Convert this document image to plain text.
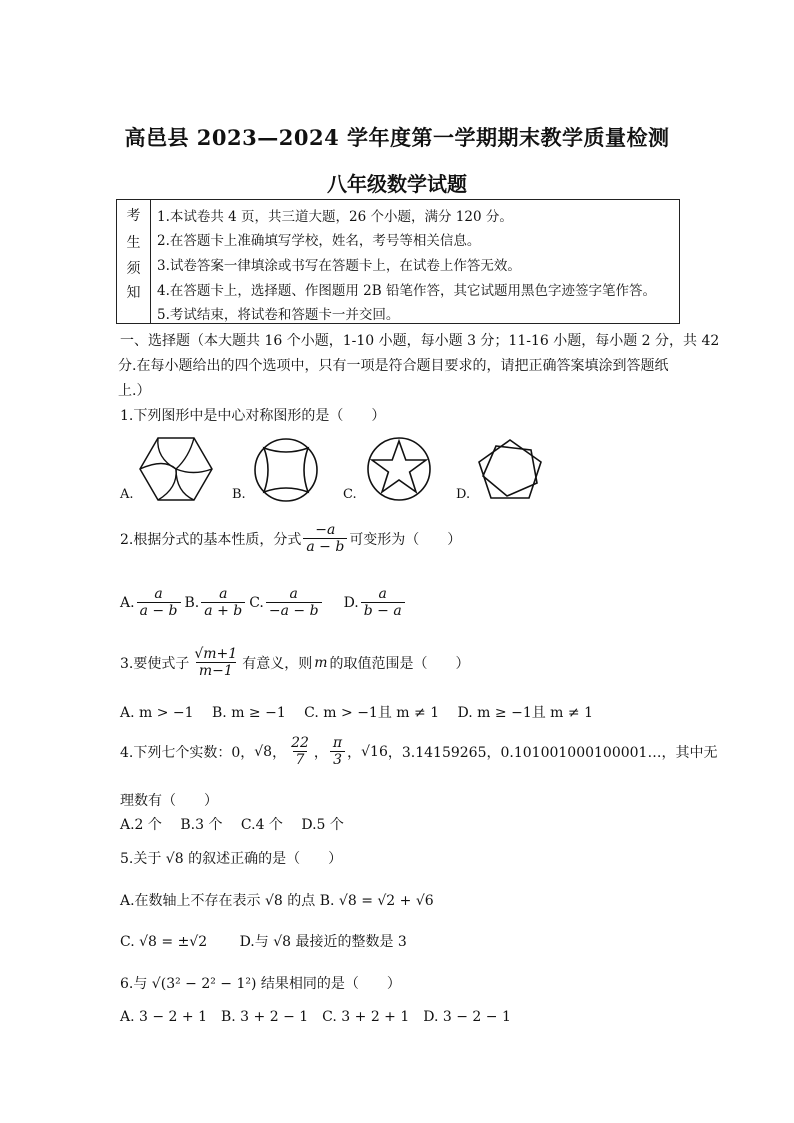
高邑县 2023—2024 学年度第一学期期末教学质量检测
八年级数学试题
考
生
须
知
1.本试卷共 4 页，共三道大题，26 个小题，满分 120 分。
2.在答题卡上准确填写学校，姓名，考号等相关信息。
3.试卷答案一律填涂或书写在答题卡上，在试卷上作答无效。
4.在答题卡上，选择题、作图题用 2B 铅笔作答，其它试题用黑色字迹签字笔作答。
5.考试结束，将试卷和答题卡一并交回。
一、选择题（本大题共 16 个小题，1-10 小题，每小题 3 分；11-16 小题，每小题 2 分，共 42
分.在每小题给出的四个选项中，只有一项是符合题目要求的，请把正确答案填涂到答题纸
上.）
1.下列图形中是中心对称图形的是（　　）
A.	B.	C.	D.
2.根据分式的基本性质，分式 $\frac{-a}{a - b}$ 可变形为（　　）
A. $\frac{a}{a - b} B$. $\frac{a}{a + b} C$. $\frac{a}{-a - b} D$. $\frac{a}{b - a}$
3.要使式子 $\frac{√m+1}{m-1}$ 有意义，则 m 的取值范围是（　　）
A. m > −1　 B. m ≥ −1　 C. m > −1且 m ≠ 1　 D. m ≥ −1且 m ≠ 1
4.下列七个实数：0， √8 ， $\frac{22}{7}$ ， $\frac{\pi}{3}$ ， √16 ，3.14159265，0.101001000100001…，其中无
理数有（　　）
A.2 个　 B.3 个　 C.4 个　 D.5 个
5.关于 √8 的叙述正确的是（　　）
A.在数轴上不存在表示 √8 的点 B. √8 = √2 + √6
C. √8 = ±√2　　 D.与 √8 最接近的整数是 3
6.与 √(3² − 2² − 1²) 结果相同的是（　　）
A. 3 − 2 + 1　B. 3 + 2 − 1　C. 3 + 2 + 1　D. 3 − 2 − 1
